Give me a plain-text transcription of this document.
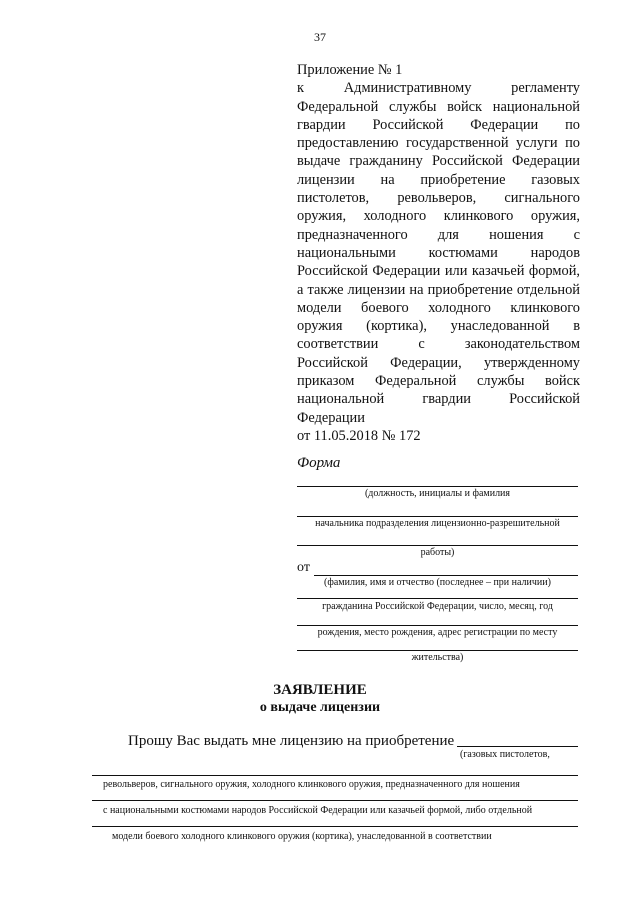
37
Приложение № 1
к Административному регламенту Федеральной службы войск национальной гвардии Российской Федерации по предоставлению государственной услуги по выдаче гражданину Российской Федерации лицензии на приобретение газовых пистолетов, револьверов, сигнального оружия, холодного клинкового оружия, предназначенного для ношения с национальными костюмами народов Российской Федерации или казачьей формой, а также лицензии на приобретение отдельной модели боевого холодного клинкового оружия (кортика), унаследованной в соответствии с законодательством Российской Федерации, утвержденному приказом Федеральной службы войск национальной гвардии Российской Федерации
от 11.05.2018 № 172
Форма
(должность, инициалы и фамилия
начальника подразделения лицензионно-разрешительной
работы)
от
(фамилия, имя и отчество (последнее – при наличии)
гражданина Российской Федерации, число, месяц, год
рождения, место рождения, адрес регистрации по месту
жительства)
ЗАЯВЛЕНИЕ
о выдаче лицензии
Прошу Вас выдать мне лицензию на приобретение
(газовых пистолетов,
револьверов, сигнального оружия, холодного клинкового оружия, предназначенного для ношения
с национальными костюмами народов Российской Федерации или казачьей формой, либо отдельной
модели боевого холодного клинкового оружия (кортика), унаследованной в соответствии
